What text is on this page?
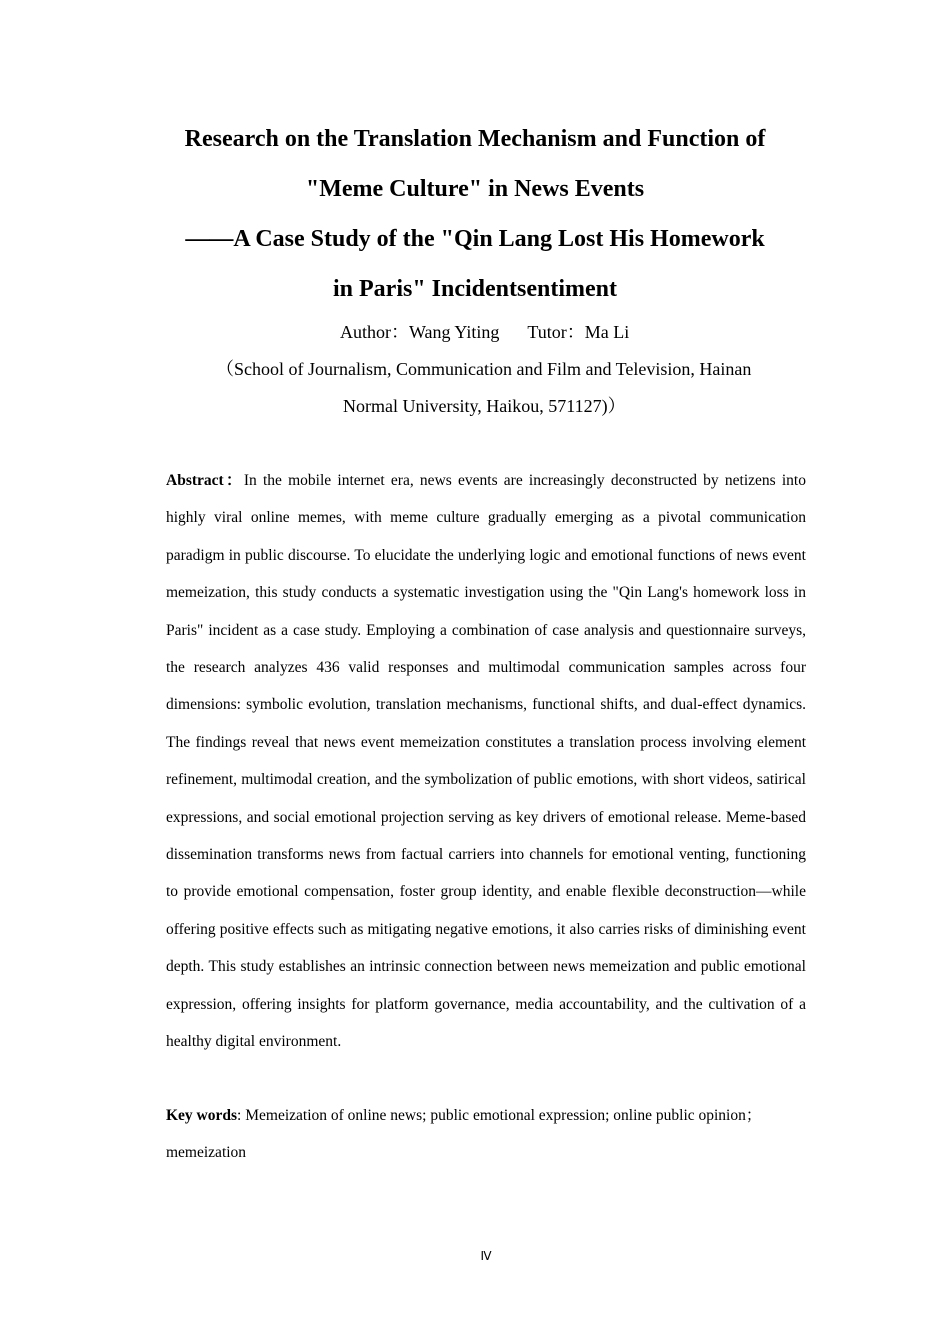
Research on the Translation Mechanism and Function of
"Meme Culture" in News Events
——A Case Study of the "Qin Lang Lost His Homework
in Paris" Incidentsentiment
Author：Wang Yiting Tutor：Ma Li
（School of Journalism, Communication and Film and Television, Hainan
Normal University, Haikou, 571127)）
Abstract：In the mobile internet era, news events are increasingly deconstructed by netizens into highly viral online memes, with meme culture gradually emerging as a pivotal communication paradigm in public discourse. To elucidate the underlying logic and emotional functions of news event memeization, this study conducts a systematic investigation using the "Qin Lang's homework loss in Paris" incident as a case study. Employing a combination of case analysis and questionnaire surveys, the research analyzes 436 valid responses and multimodal communication samples across four dimensions: symbolic evolution, translation mechanisms, functional shifts, and dual-effect dynamics. The findings reveal that news event memeization constitutes a translation process involving element refinement, multimodal creation, and the symbolization of public emotions, with short videos, satirical expressions, and social emotional projection serving as key drivers of emotional release. Meme-based dissemination transforms news from factual carriers into channels for emotional venting, functioning to provide emotional compensation, foster group identity, and enable flexible deconstruction—while offering positive effects such as mitigating negative emotions, it also carries risks of diminishing event depth. This study establishes an intrinsic connection between news memeization and public emotional expression, offering insights for platform governance, media accountability, and the cultivation of a healthy digital environment.
Key words: Memeization of online news; public emotional expression; online public opinion；memeization
Ⅳ
